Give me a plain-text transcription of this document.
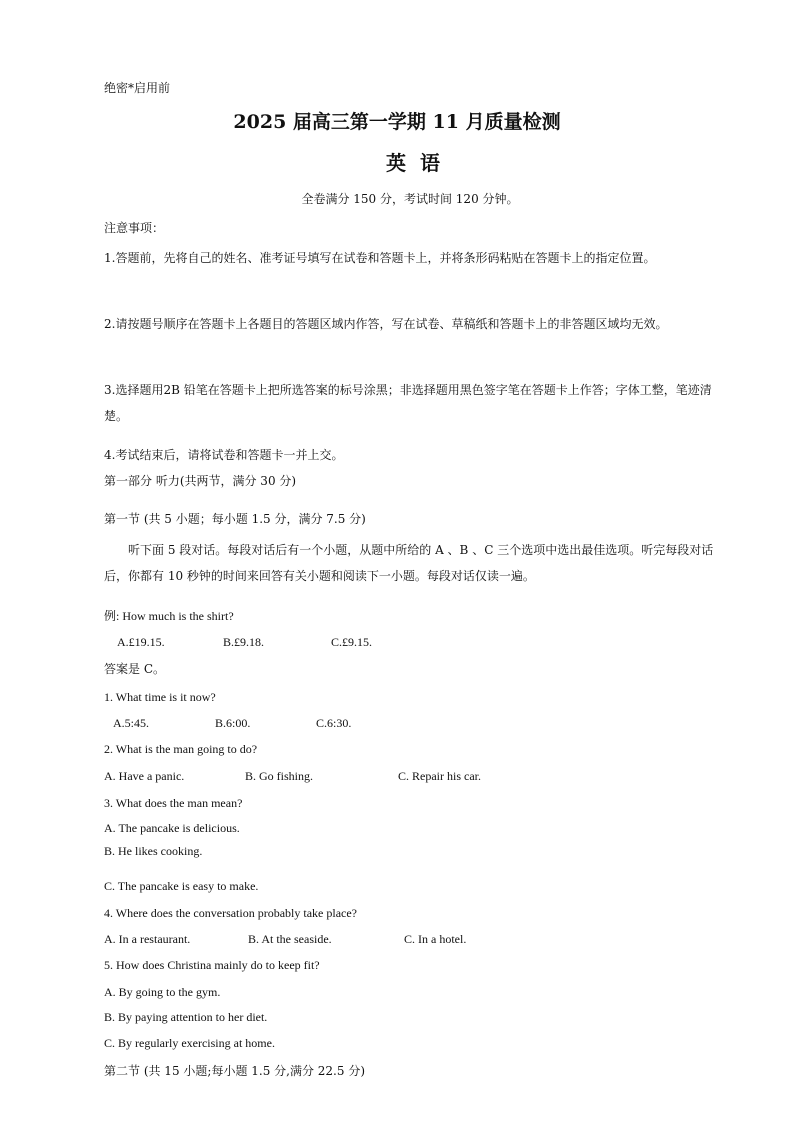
绝密*启用前
2025 届高三第一学期 11 月质量检测
英语
全卷满分 150 分，考试时间 120 分钟。
注意事项：
1.答题前，先将自己的姓名、准考证号填写在试卷和答题卡上，并将条形码粘贴在答题卡上的指定位置。
2.请按题号顺序在答题卡上各题目的答题区域内作答，写在试卷、草稿纸和答题卡上的非答题区域均无效。
3.选择题用2B 铅笔在答题卡上把所选答案的标号涂黑；非选择题用黑色签字笔在答题卡上作答；字体工整，笔迹清楚。
4.考试结束后，请将试卷和答题卡一并上交。
第一部分 听力(共两节，满分 30 分)
第一节 (共 5 小题；每小题 1.5 分，满分 7.5 分)
听下面 5 段对话。每段对话后有一个小题，从题中所给的 A 、B 、C 三个选项中选出最佳选项。听完每段对话后，你都有 10 秒钟的时间来回答有关小题和阅读下一小题。每段对话仅读一遍。
例: How much is the shirt?
A.£19.15.	B.£9.18.	C.£9.15.
答案是 C。
1. What time is it now?
A.5:45.	B.6:00.	C.6:30.
2. What is the man going to do?
A. Have a panic.	B. Go fishing.	C. Repair his car.
3. What does the man mean?
A. The pancake is delicious.
B. He likes cooking.
C. The pancake is easy to make.
4. Where does the conversation probably take place?
A. In a restaurant.	B. At the seaside.	C. In a hotel.
5. How does Christina mainly do to keep fit?
A. By going to the gym.
B. By paying attention to her diet.
C. By regularly exercising at home.
第二节 (共 15 小题;每小题 1.5 分,满分 22.5 分)
